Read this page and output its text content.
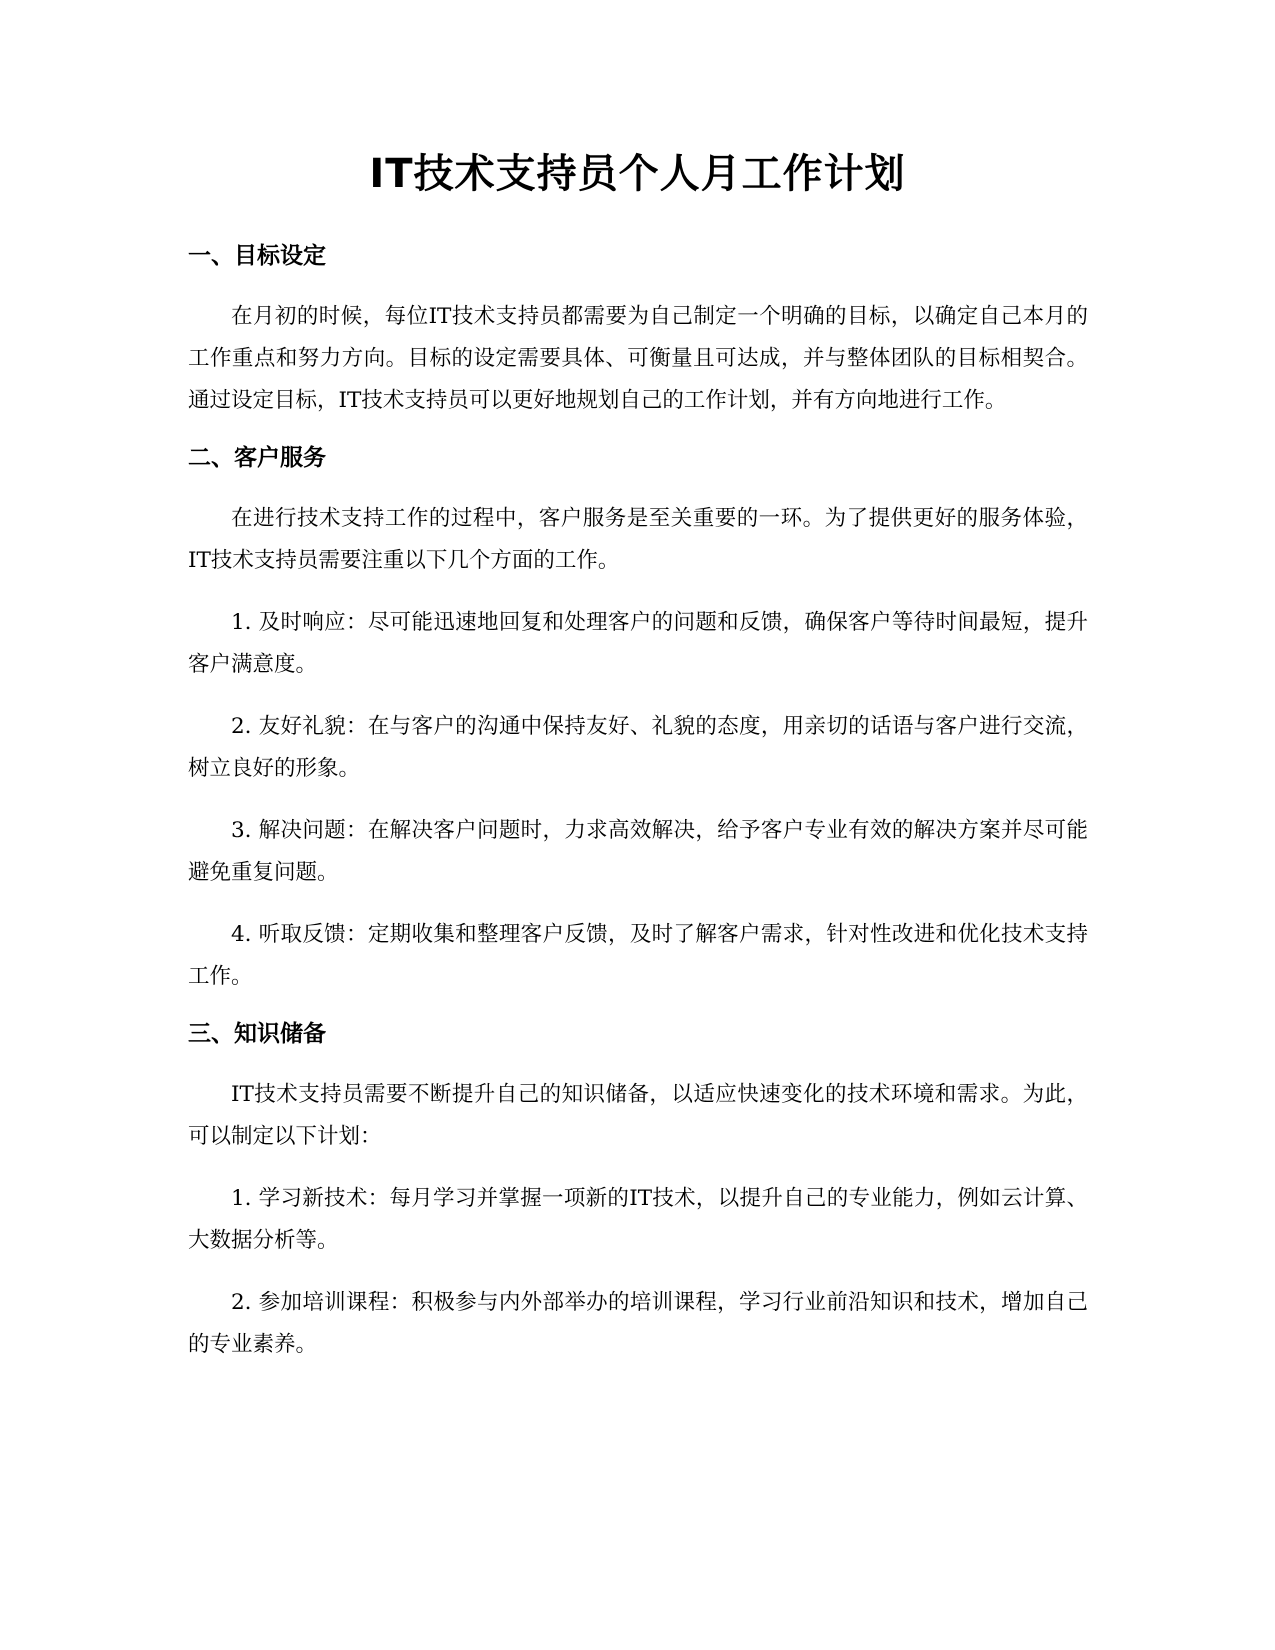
IT技术支持员个人月工作计划
一、目标设定

在月初的时候，每位IT技术支持员都需要为自己制定一个明确的目标，以确定自己本月的工作重点和努力方向。目标的设定需要具体、可衡量且可达成，并与整体团队的目标相契合。通过设定目标，IT技术支持员可以更好地规划自己的工作计划，并有方向地进行工作。

二、客户服务

在进行技术支持工作的过程中，客户服务是至关重要的一环。为了提供更好的服务体验，IT技术支持员需要注重以下几个方面的工作。

1. 及时响应：尽可能迅速地回复和处理客户的问题和反馈，确保客户等待时间最短，提升客户满意度。

2. 友好礼貌：在与客户的沟通中保持友好、礼貌的态度，用亲切的话语与客户进行交流，树立良好的形象。

3. 解决问题：在解决客户问题时，力求高效解决，给予客户专业有效的解决方案并尽可能避免重复问题。

4. 听取反馈：定期收集和整理客户反馈，及时了解客户需求，针对性改进和优化技术支持工作。

三、知识储备

IT技术支持员需要不断提升自己的知识储备，以适应快速变化的技术环境和需求。为此，可以制定以下计划：

1. 学习新技术：每月学习并掌握一项新的IT技术，以提升自己的专业能力，例如云计算、大数据分析等。

2. 参加培训课程：积极参与内外部举办的培训课程，学习行业前沿知识和技术，增加自己的专业素养。
